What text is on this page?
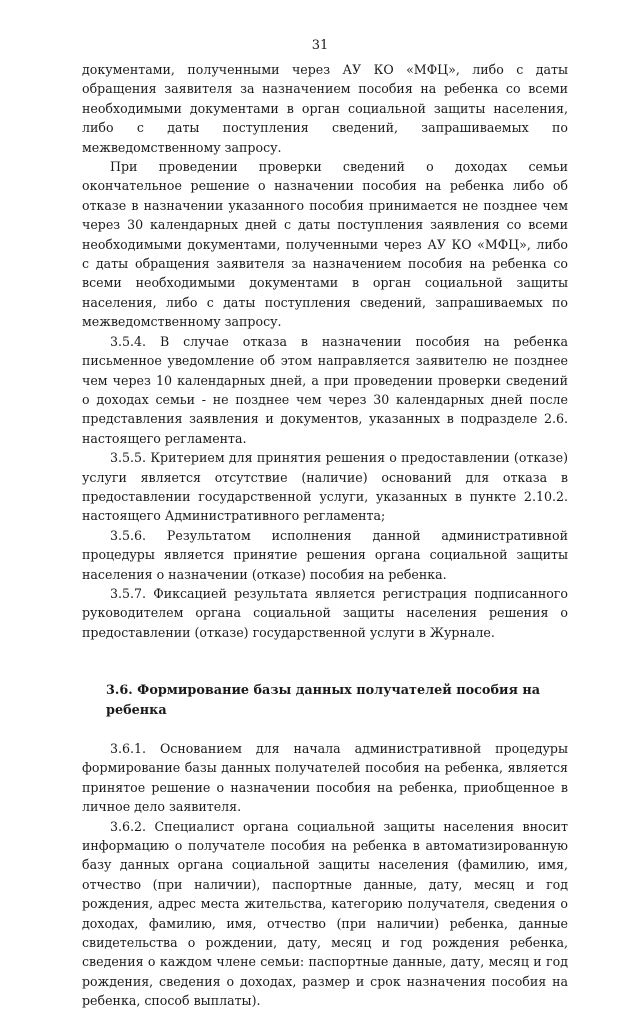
31

документами, полученными через АУ КО «МФЦ», либо с даты обращения заявителя за назначением пособия на ребенка со всеми необходимыми документами в орган социальной защиты населения, либо с даты поступления сведений, запрашиваемых по межведомственному запросу.

При проведении проверки сведений о доходах семьи окончательное решение о назначении пособия на ребенка либо об отказе в назначении указанного пособия принимается не позднее чем через 30 календарных дней с даты поступления заявления со всеми необходимыми документами, полученными через АУ КО «МФЦ», либо с даты обращения заявителя за назначением пособия на ребенка со всеми необходимыми документами в орган социальной защиты населения, либо с даты поступления сведений, запрашиваемых по межведомственному запросу.

3.5.4. В случае отказа в назначении пособия на ребенка письменное уведомление об этом направляется заявителю не позднее чем через 10 календарных дней, а при проведении проверки сведений о доходах семьи - не позднее чем через 30 календарных дней после представления заявления и документов, указанных в подразделе 2.6. настоящего регламента.

3.5.5. Критерием для принятия решения о предоставлении (отказе) услуги является отсутствие (наличие) оснований для отказа в предоставлении государственной услуги, указанных в пункте 2.10.2. настоящего Административного регламента;

3.5.6. Результатом исполнения данной административной процедуры является принятие решения органа социальной защиты населения о назначении (отказе) пособия на ребенка.

3.5.7. Фиксацией результата является регистрация подписанного руководителем органа социальной защиты населения решения о предоставлении (отказе) государственной услуги в Журнале.

3.6. Формирование базы данных получателей пособия на ребенка

3.6.1. Основанием для начала административной процедуры формирование базы данных получателей пособия на ребенка, является принятое решение о назначении пособия на ребенка, приобщенное в личное дело заявителя.

3.6.2. Специалист органа социальной защиты населения вносит информацию о получателе пособия на ребенка в автоматизированную базу данных органа социальной защиты населения (фамилию, имя, отчество (при наличии), паспортные данные, дату, месяц и год рождения, адрес места жительства, категорию получателя, сведения о доходах, фамилию, имя, отчество (при наличии) ребенка, данные свидетельства о рождении, дату, месяц и год рождения ребенка, сведения о каждом члене семьи: паспортные данные, дату, месяц и год рождения, сведения о доходах, размер и срок назначения пособия на ребенка, способ выплаты).
